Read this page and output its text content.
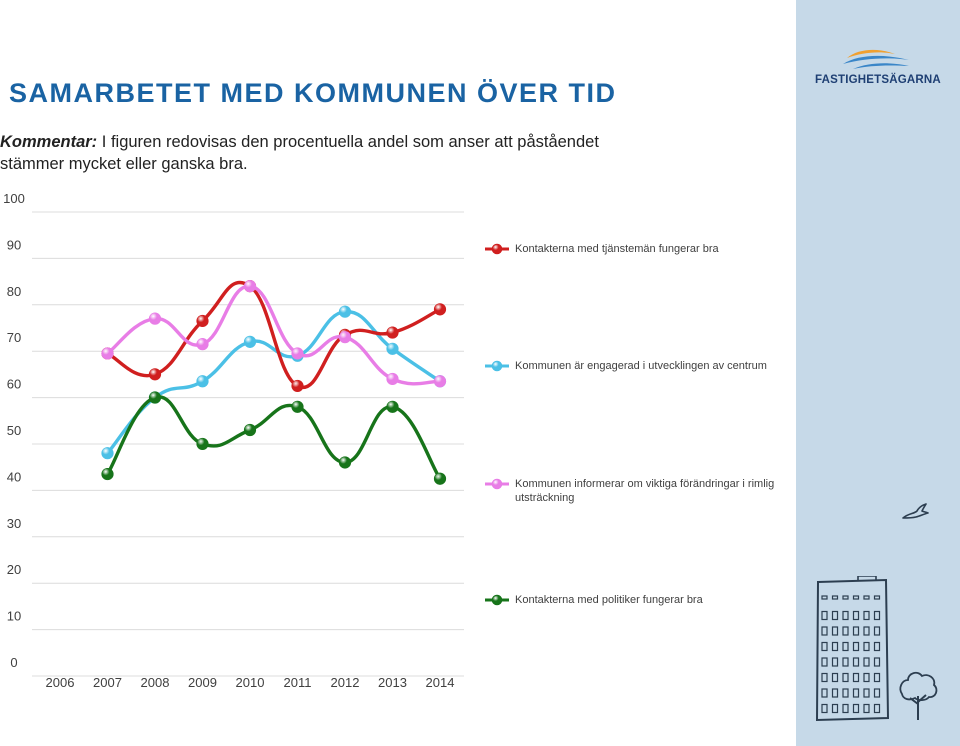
FASTIGHETSÄGARNA
SAMARBETET MED KOMMUNEN ÖVER TID
Kommentar: I figuren redovisas den procentuella andel som anser att påståendet stämmer mycket eller ganska bra.
0
10
20
30
40
50
60
70
80
90
100
2006 2007 2008 2009 2010 2011 2012 2013 2014
Kontakterna med tjänstemän fungerar bra
Kommunen är engagerad i utvecklingen av centrum
Kommunen informerar om viktiga förändringar i rimlig utsträckning
Kontakterna med politiker fungerar bra
